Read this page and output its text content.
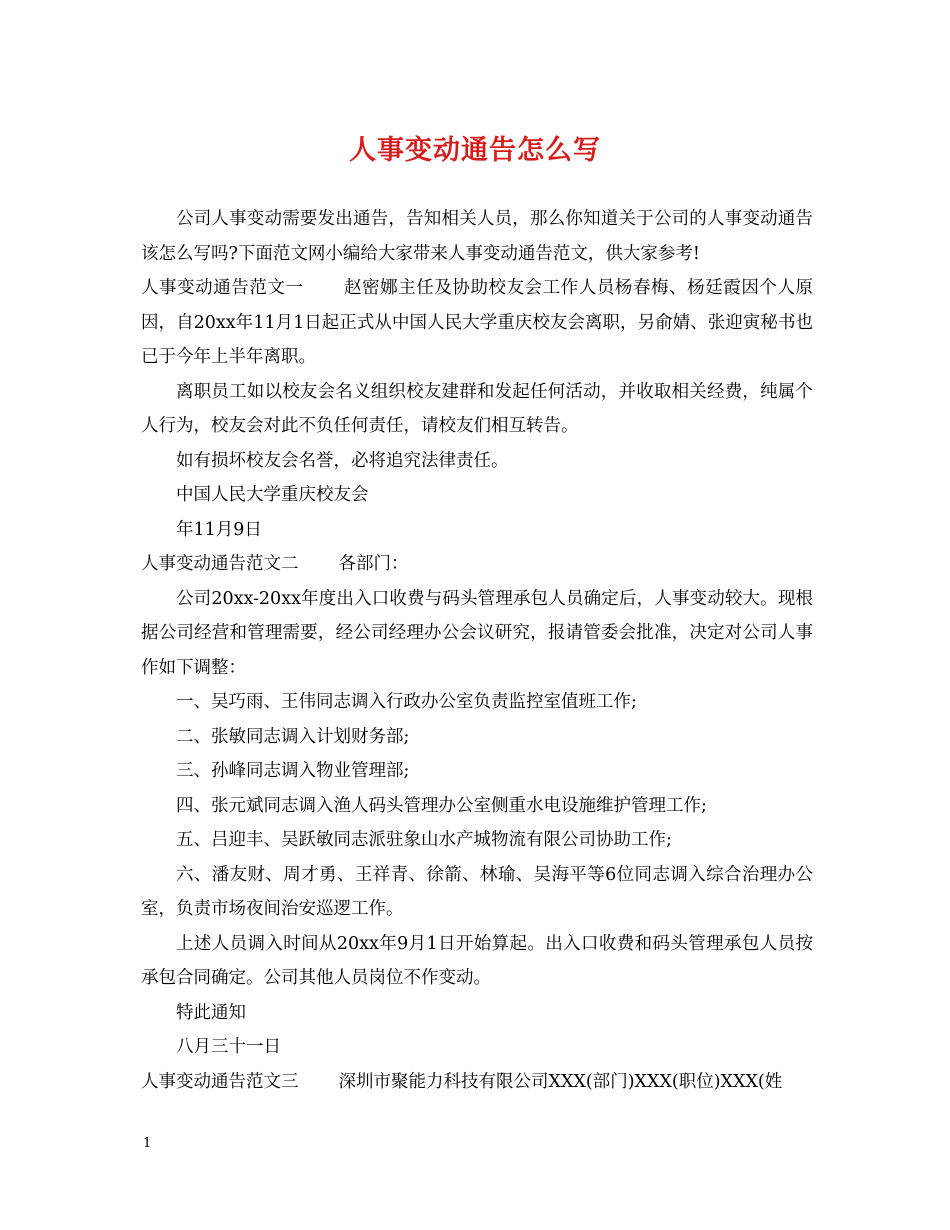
人事变动通告怎么写

公司人事变动需要发出通告，告知相关人员，那么你知道关于公司的人事变动通告该怎么写吗?下面范文网小编给大家带来人事变动通告范文，供大家参考!

人事变动通告范文一 赵密娜主任及协助校友会工作人员杨春梅、杨廷霞因个人原因，自20xx年11月1日起正式从中国人民大学重庆校友会离职，另俞婧、张迎寅秘书也已于今年上半年离职。

离职员工如以校友会名义组织校友建群和发起任何活动，并收取相关经费，纯属个人行为，校友会对此不负任何责任，请校友们相互转告。

如有损坏校友会名誉，必将追究法律责任。

中国人民大学重庆校友会

年11月9日

人事变动通告范文二 各部门：

公司20xx-20xx年度出入口收费与码头管理承包人员确定后，人事变动较大。现根据公司经营和管理需要，经公司经理办公会议研究，报请管委会批准，决定对公司人事作如下调整：

一、吴巧雨、王伟同志调入行政办公室负责监控室值班工作;

二、张敏同志调入计划财务部;

三、孙峰同志调入物业管理部;

四、张元斌同志调入渔人码头管理办公室侧重水电设施维护管理工作;

五、吕迎丰、吴跃敏同志派驻象山水产城物流有限公司协助工作;

六、潘友财、周才勇、王祥青、徐箭、林瑜、吴海平等6位同志调入综合治理办公室，负责市场夜间治安巡逻工作。

上述人员调入时间从20xx年9月1日开始算起。出入口收费和码头管理承包人员按承包合同确定。公司其他人员岗位不作变动。

特此通知

八月三十一日

人事变动通告范文三 深圳市聚能力科技有限公司XXX(部门)XXX(职位)XXX(姓

1
